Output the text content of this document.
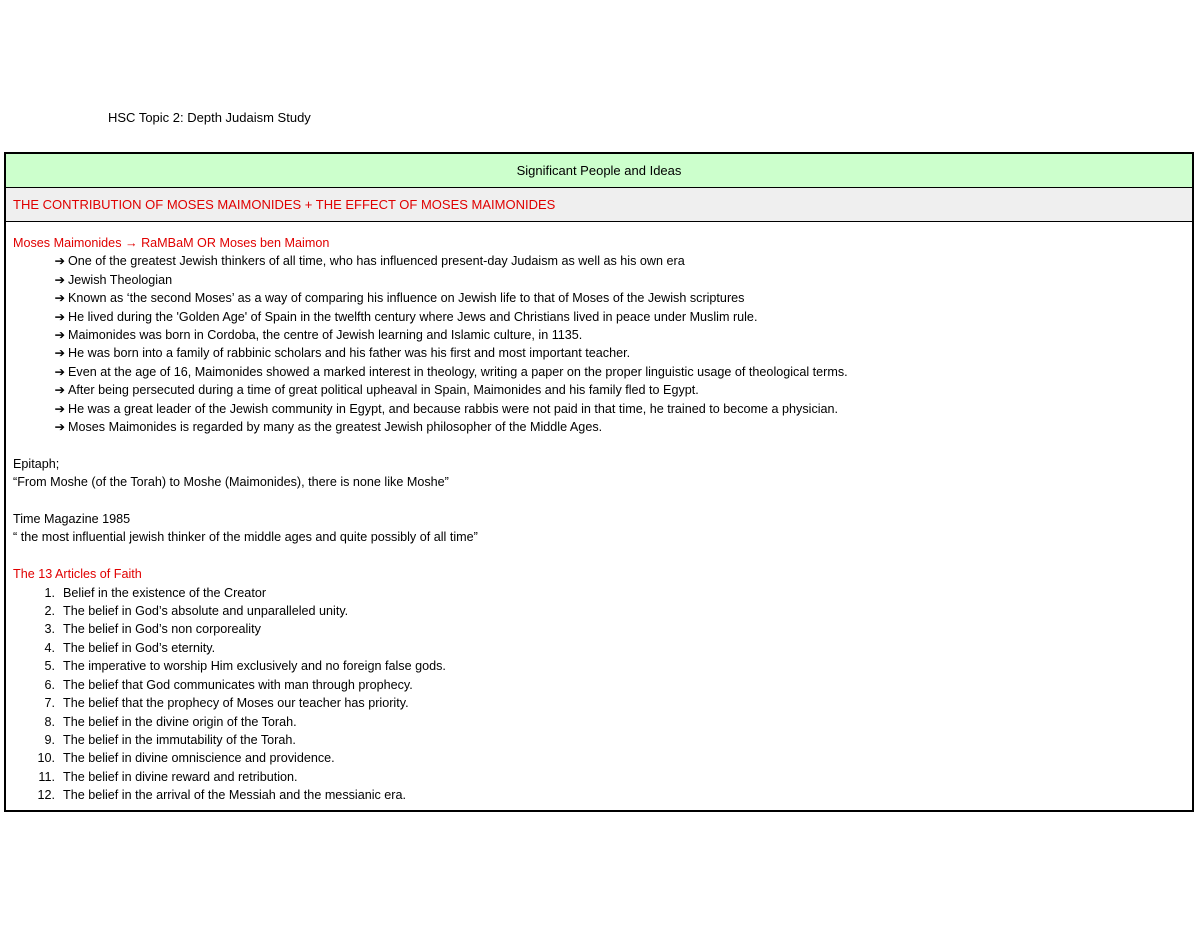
HSC Topic 2: Depth Judaism Study
Significant People and Ideas
THE CONTRIBUTION OF MOSES MAIMONIDES + THE EFFECT OF MOSES MAIMONIDES
Moses Maimonides → RaMBaM OR Moses ben Maimon
➔ One of the greatest Jewish thinkers of all time, who has influenced present-day Judaism as well as his own era
➔ Jewish Theologian
➔ Known as ‘the second Moses’ as a way of comparing his influence on Jewish life to that of Moses of the Jewish scriptures
➔ He lived during the 'Golden Age' of Spain in the twelfth century where Jews and Christians lived in peace under Muslim rule.
➔ Maimonides was born in Cordoba, the centre of Jewish learning and Islamic culture, in 1135.
➔ He was born into a family of rabbinic scholars and his father was his first and most important teacher.
➔ Even at the age of 16, Maimonides showed a marked interest in theology, writing a paper on the proper linguistic usage of theological terms.
➔ After being persecuted during a time of great political upheaval in Spain, Maimonides and his family fled to Egypt.
➔ He was a great leader of the Jewish community in Egypt, and because rabbis were not paid in that time, he trained to become a physician.
➔ Moses Maimonides is regarded by many as the greatest Jewish philosopher of the Middle Ages.
Epitaph;
“From Moshe (of the Torah) to Moshe (Maimonides), there is none like Moshe”
Time Magazine 1985
“ the most influential jewish thinker of the middle ages and quite possibly of all time”
The 13 Articles of Faith
1. Belief in the existence of the Creator
2. The belief in God’s absolute and unparalleled unity.
3. The belief in God’s non corporeality
4. The belief in God’s eternity.
5. The imperative to worship Him exclusively and no foreign false gods.
6. The belief that God communicates with man through prophecy.
7. The belief that the prophecy of Moses our teacher has priority.
8. The belief in the divine origin of the Torah.
9. The belief in the immutability of the Torah.
10. The belief in divine omniscience and providence.
11. The belief in divine reward and retribution.
12. The belief in the arrival of the Messiah and the messianic era.
